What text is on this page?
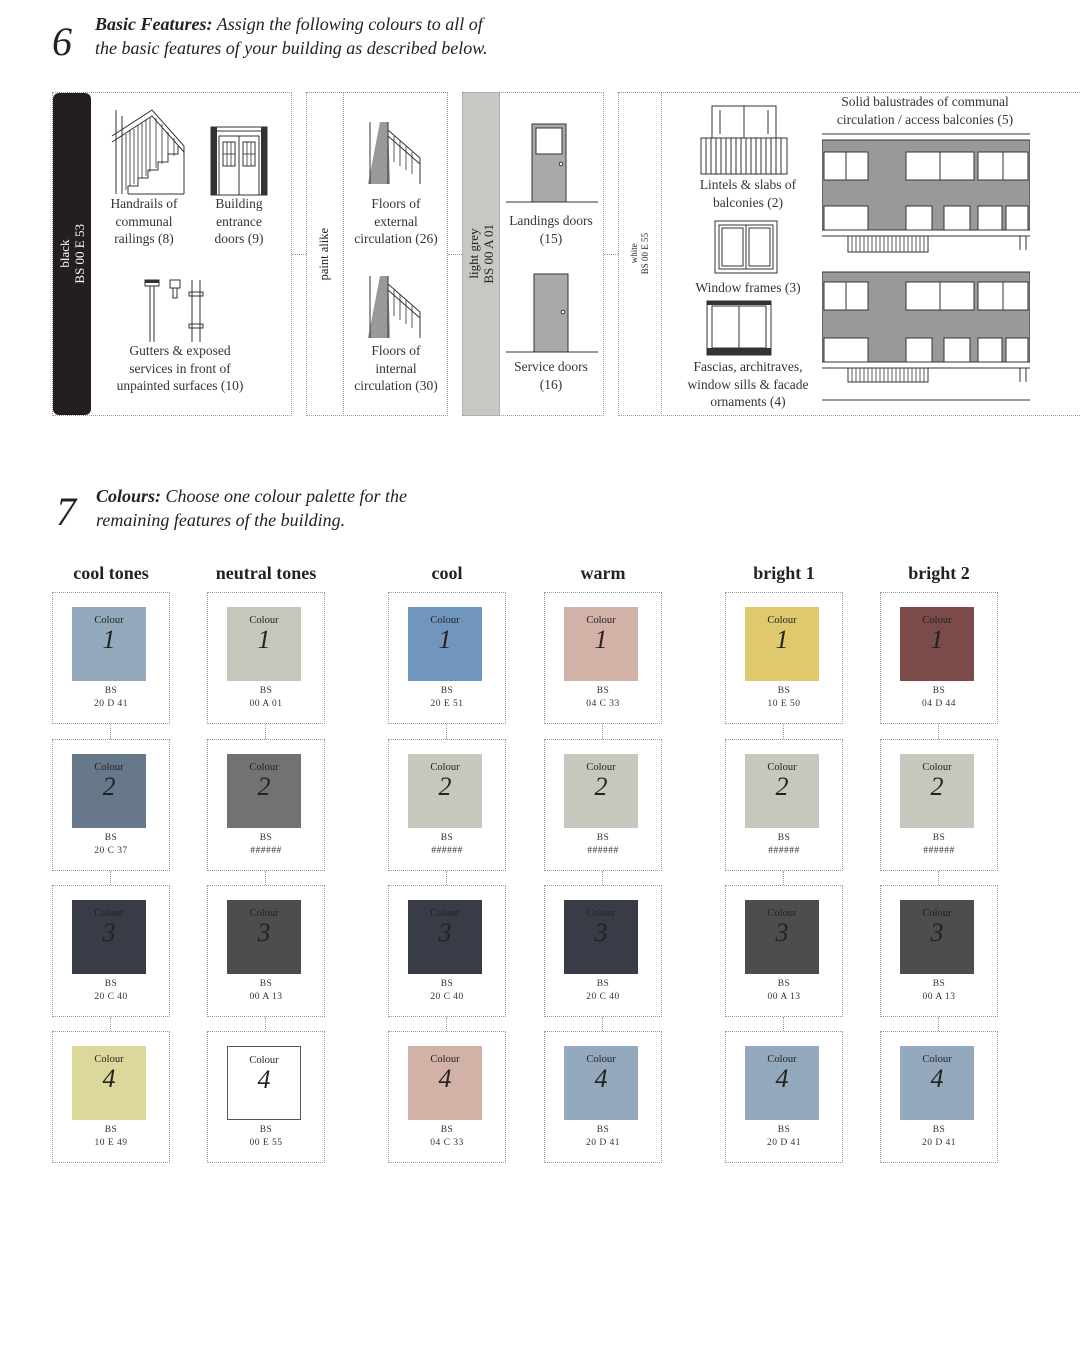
6 Basic Features: Assign the following colours to all of
the basic features of your building as described below.
black BS 00 E 53
Handrails of
communal
railings (8)
Building
entrance
doors (9)
Gutters & exposed
services in front of
unpainted surfaces (10)
paint alike
Floors of
external
circulation (26)
Floors of
internal
circulation (30)
light grey BS 00 A 01
Landings doors
(15)
Service doors
(16)
white BS 00 E 55
Lintels & slabs of
balconies (2)
Window frames (3)
Fascias, architraves,
window sills & facade
ornaments (4)
Solid balustrades of communal
circulation / access balconies (5)
7 Colours: Choose one colour palette for the
remaining features of the building.
cool tones
Colour
1
BS
20 D 41
Colour
2
BS
20 C 37
Colour
3
BS
20 C 40
Colour
4
BS
10 E 49
neutral tones
Colour
1
BS
00 A 01
Colour
2
BS
######
Colour
3
BS
00 A 13
Colour
4
BS
00 E 55
cool
Colour
1
BS
20 E 51
Colour
2
BS
######
Colour
3
BS
20 C 40
Colour
4
BS
04 C 33
warm
Colour
1
BS
04 C 33
Colour
2
BS
######
Colour
3
BS
20 C 40
Colour
4
BS
20 D 41
bright 1
Colour
1
BS
10 E 50
Colour
2
BS
######
Colour
3
BS
00 A 13
Colour
4
BS
20 D 41
bright 2
Colour
1
BS
04 D 44
Colour
2
BS
######
Colour
3
BS
00 A 13
Colour
4
BS
20 D 41
